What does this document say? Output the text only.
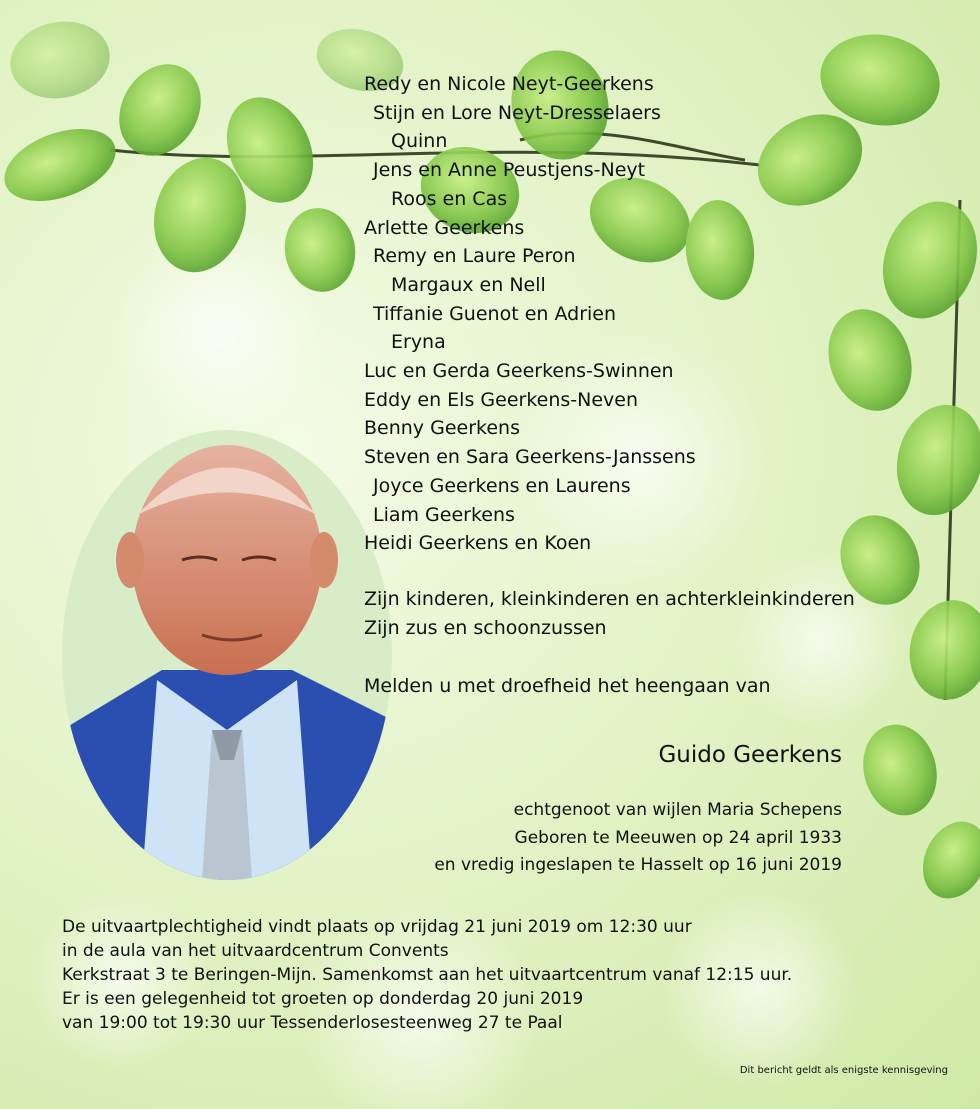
Redy en Nicole Neyt-Geerkens
Stijn en Lore Neyt-Dresselaers
Quinn
Jens en Anne Peustjens-Neyt
Roos en Cas
Arlette Geerkens
Remy en Laure Peron
Margaux en Nell
Tiffanie Guenot en Adrien
Eryna
Luc en Gerda Geerkens-Swinnen
Eddy en Els Geerkens-Neven
Benny Geerkens
Steven en Sara Geerkens-Janssens
Joyce Geerkens en Laurens
Liam Geerkens
Heidi Geerkens en Koen
Zijn kinderen, kleinkinderen en achterkleinkinderen
Zijn zus en schoonzussen
Melden u met droefheid het heengaan van
Guido Geerkens
echtgenoot van wijlen Maria Schepens
Geboren te Meeuwen op 24 april 1933
en vredig ingeslapen te Hasselt op 16 juni 2019
De uitvaartplechtigheid vindt plaats op vrijdag 21 juni 2019 om 12:30 uur
in de aula van het uitvaardcentrum Convents
Kerkstraat 3 te Beringen-Mijn. Samenkomst aan het uitvaartcentrum vanaf 12:15 uur.
Er is een gelegenheid tot groeten op donderdag 20 juni 2019
van 19:00 tot 19:30 uur Tessenderlosesteenweg 27 te Paal
Dit bericht geldt als enigste kennisgeving
